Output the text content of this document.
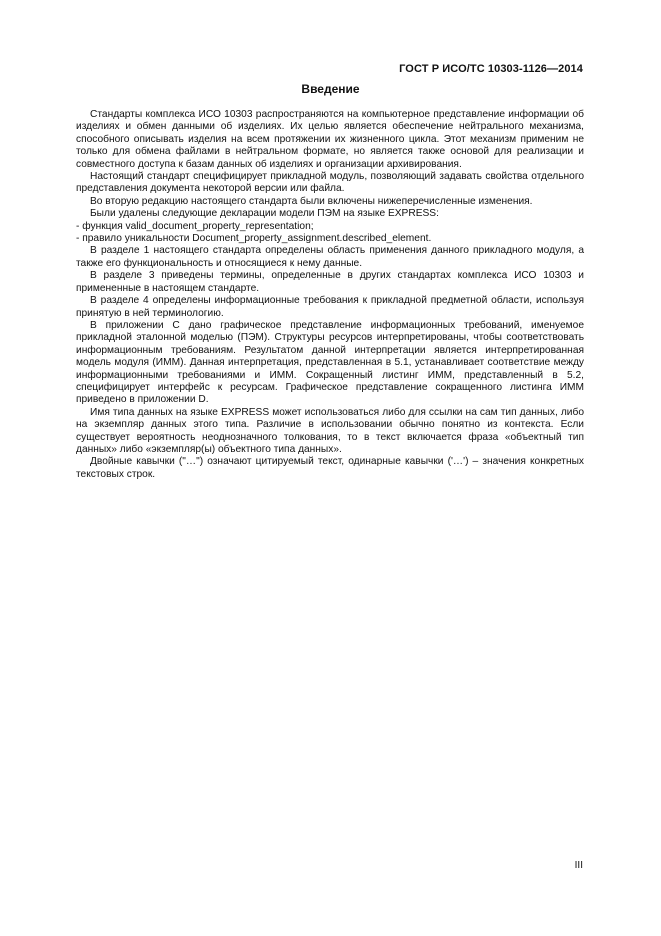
ГОСТ Р ИСО/ТС 10303-1126—2014
Введение

Стандарты комплекса ИСО 10303 распространяются на компьютерное представление информации об изделиях и обмен данными об изделиях. Их целью является обеспечение нейтрального механизма, способного описывать изделия на всем протяжении их жизненного цикла. Этот механизм применим не только для обмена файлами в нейтральном формате, но является также основой для реализации и совместного доступа к базам данных об изделиях и организации архивирования.

Настоящий стандарт специфицирует прикладной модуль, позволяющий задавать свойства отдельного представления документа некоторой версии или файла.

Во вторую редакцию настоящего стандарта были включены нижеперечисленные изменения.

Были удалены следующие декларации модели ПЭМ на языке EXPRESS:

- функция valid_document_property_representation;

- правило уникальности Document_property_assignment.described_element.

В разделе 1 настоящего стандарта определены область применения данного прикладного модуля, а также его функциональность и относящиеся к нему данные.

В разделе 3 приведены термины, определенные в других стандартах комплекса ИСО 10303 и примененные в настоящем стандарте.

В разделе 4 определены информационные требования к прикладной предметной области, используя принятую в ней терминологию.

В приложении С дано графическое представление информационных требований, именуемое прикладной эталонной моделью (ПЭМ). Структуры ресурсов интерпретированы, чтобы соответствовать информационным требованиям. Результатом данной интерпретации является интерпретированная модель модуля (ИММ). Данная интерпретация, представленная в 5.1, устанавливает соответствие между информационными требованиями и ИММ. Сокращенный листинг ИММ, представленный в 5.2, специфицирует интерфейс к ресурсам. Графическое представление сокращенного листинга ИММ приведено в приложении D.

Имя типа данных на языке EXPRESS может использоваться либо для ссылки на сам тип данных, либо на экземпляр данных этого типа. Различие в использовании обычно понятно из контекста. Если существует вероятность неоднозначного толкования, то в текст включается фраза «объектный тип данных» либо «экземпляр(ы) объектного типа данных».

Двойные кавычки ("…") означают цитируемый текст, одинарные кавычки ('…') – значения конкретных текстовых строк.

III
